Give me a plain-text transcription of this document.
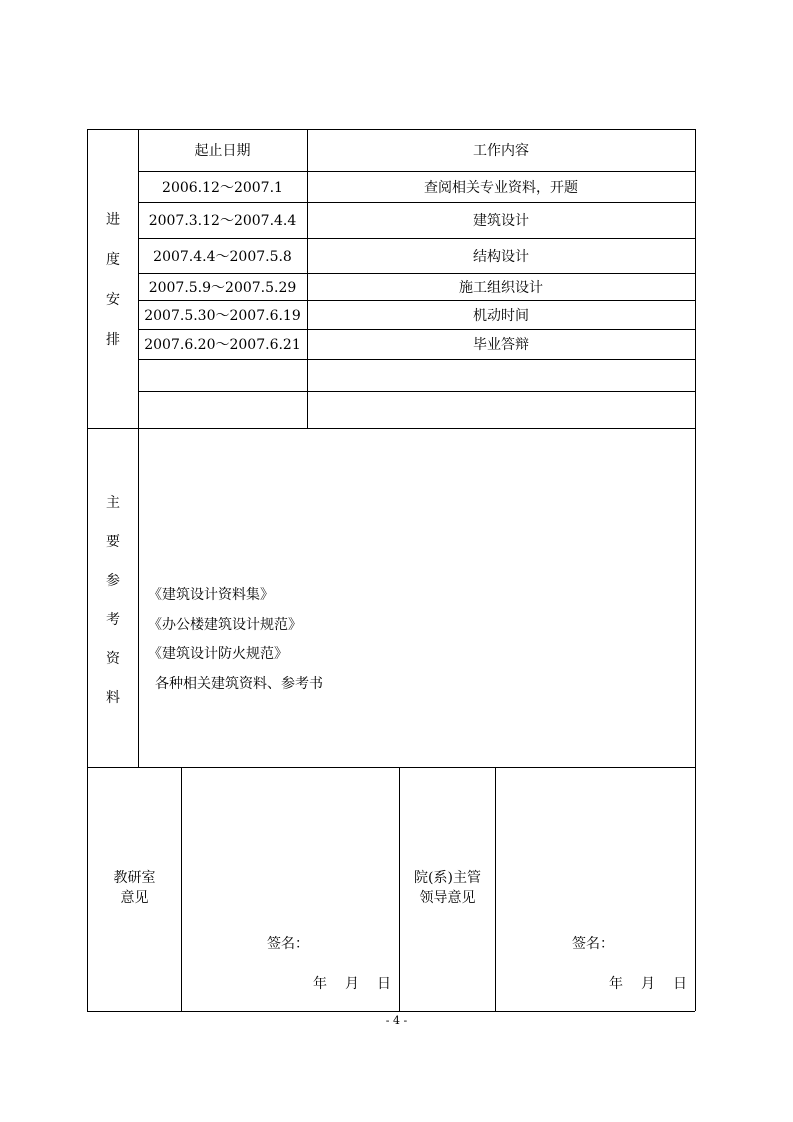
进
度
安
排
起止日期	工作内容
2006.12～2007.1	查阅相关专业资料，开题
2007.3.12～2007.4.4	建筑设计
2007.4.4～2007.5.8	结构设计
2007.5.9～2007.5.29	施工组织设计
2007.5.30～2007.6.19	机动时间
2007.6.20～2007.6.21	毕业答辩
主
要
参
考
资
料
《建筑设计资料集》
《办公楼建筑设计规范》
《建筑设计防火规范》
各种相关建筑资料、参考书
教研室
意见
院(系)主管
领导意见
签名：
年 月 日
签名：
年 月 日
- 4 -
